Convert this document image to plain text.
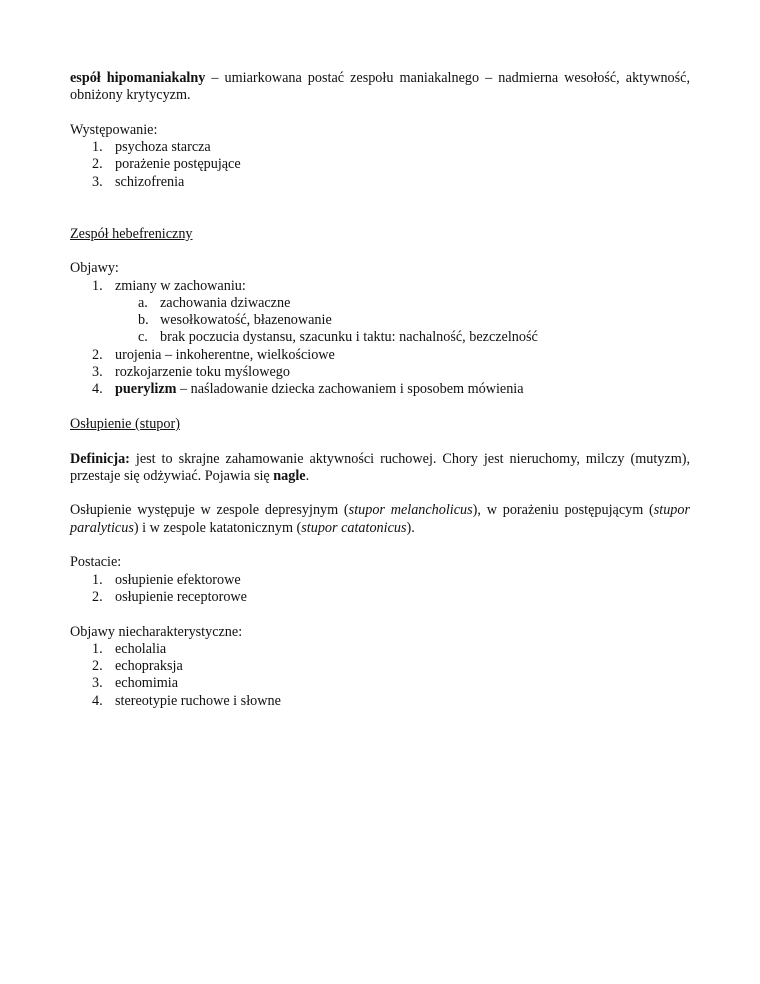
espół hipomaniakalny – umiarkowana postać zespołu maniakalnego – nadmierna wesołość, aktywność, obniżony krytycyzm.

Występowanie:

1. psychoza starcza
2. porażenie postępujące
3. schizofrenia

Zespół hebefreniczny

Objawy:

1. zmiany w zachowaniu:
a. zachowania dziwaczne
b. wesołkowatość, błazenowanie
c. brak poczucia dystansu, szacunku i taktu: nachalność, bezczelność
2. urojenia – inkoherentne, wielkościowe
3. rozkojarzenie toku myślowego
4. puerylizm – naśladowanie dziecka zachowaniem i sposobem mówienia

Osłupienie (stupor)

Definicja: jest to skrajne zahamowanie aktywności ruchowej. Chory jest nieruchomy, milczy (mutyzm), przestaje się odżywiać. Pojawia się nagle.

Osłupienie występuje w zespole depresyjnym (stupor melancholicus), w porażeniu postępującym (stupor paralyticus) i w zespole katatonicznym (stupor catatonicus).

Postacie:

1. osłupienie efektorowe
2. osłupienie receptorowe

Objawy niecharakterystyczne:

1. echolalia
2. echopraksja
3. echomimia
4. stereotypie ruchowe i słowne
